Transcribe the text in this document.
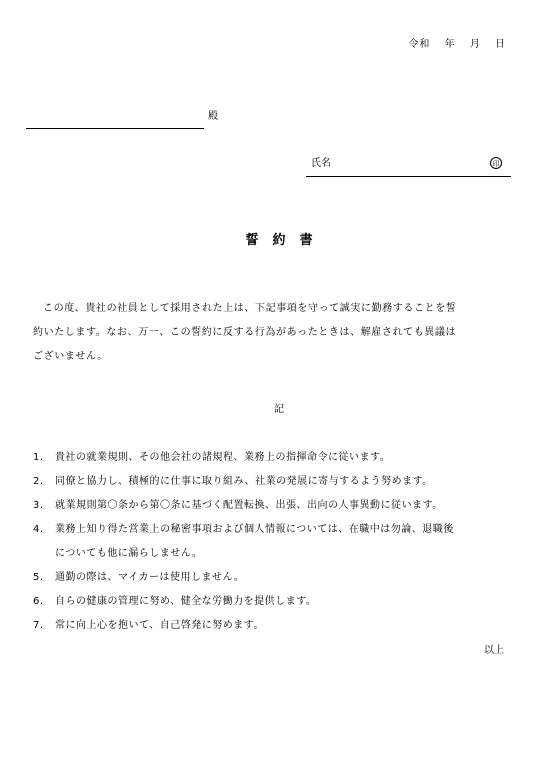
令和 年 月 日
殿
氏名	印
誓約書
この度、貴社の社員として採用された上は、下記事項を守って誠実に勤務することを誓
約いたします。なお、万一、この誓約に反する行為があったときは、解雇されても異議は
ございません。
記
1. 貴社の就業規則、その他会社の諸規程、業務上の指揮命令に従います。
2. 同僚と協力し、積極的に仕事に取り組み、社業の発展に寄与するよう努めます。
3. 就業規則第〇条から第〇条に基づく配置転換、出張、出向の人事異動に従います。
4. 業務上知り得た営業上の秘密事項および個人情報については、在職中は勿論、退職後
についても他に漏らしません。
5. 通勤の際は、マイカーは使用しません。
6. 自らの健康の管理に努め、健全な労働力を提供します。
7. 常に向上心を抱いて、自己啓発に努めます。
以上
